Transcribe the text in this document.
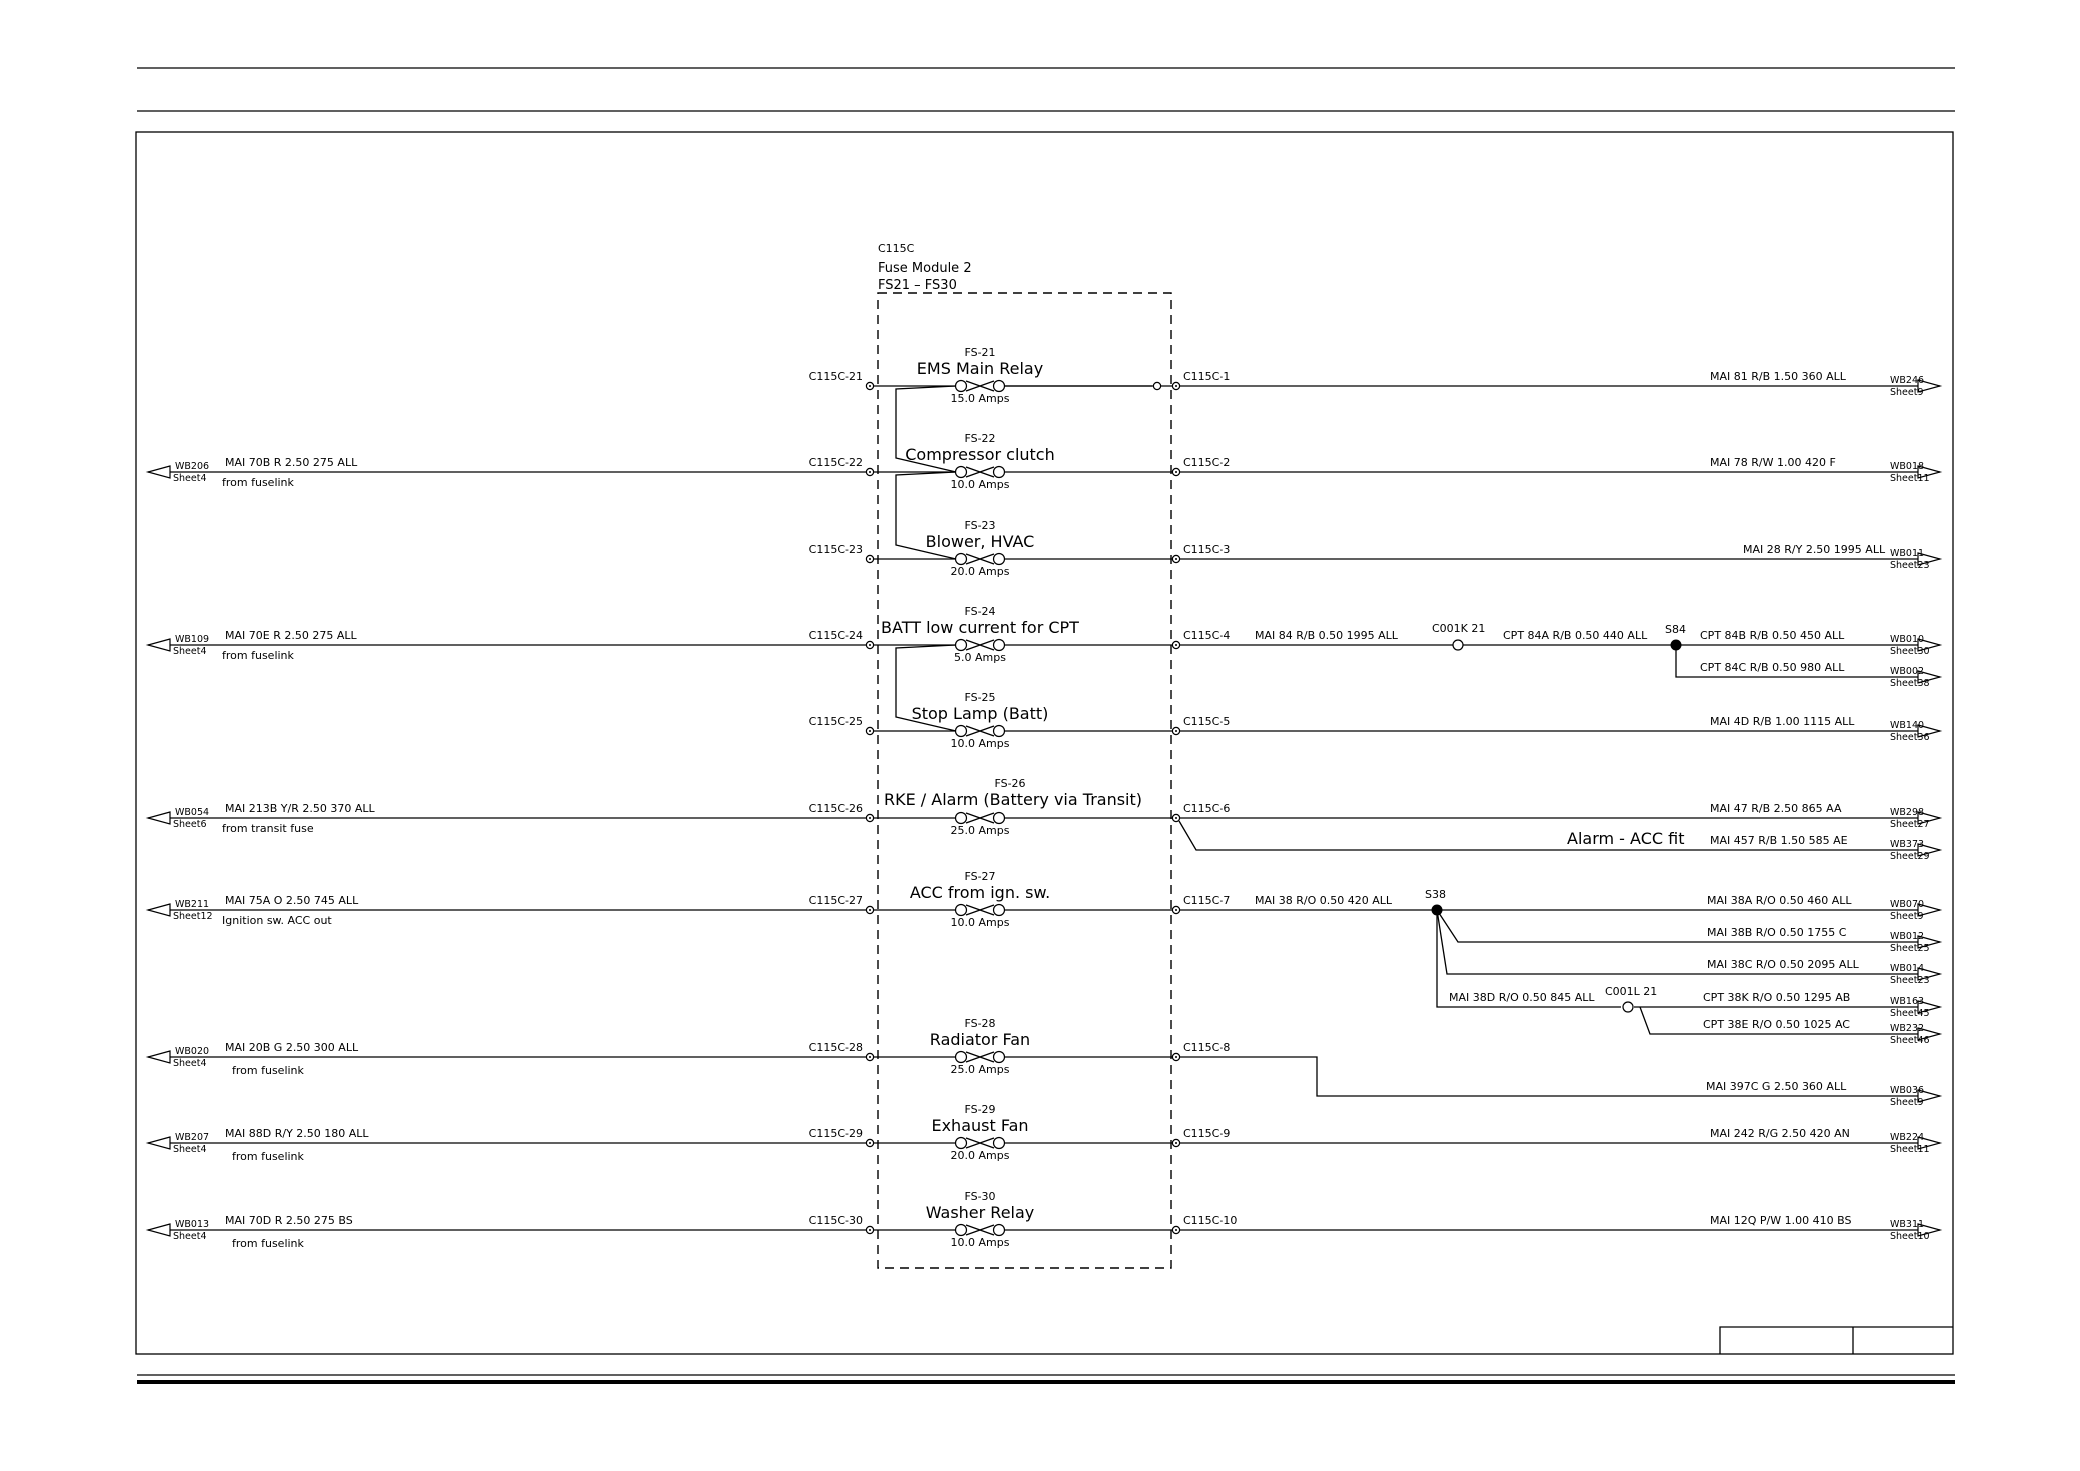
C115C
Fuse Module 2
FS21 – FS30
FS-21
EMS Main Relay
15.0 Amps
C115C-21	C115C-1
FS-22
Compressor clutch
10.0 Amps
C115C-22	C115C-2
WB206
Sheet4
MAI 70B R 2.50 275 ALL
from fuselink
FS-23
Blower, HVAC
20.0 Amps
C115C-23	C115C-3
FS-24
BATT low current for CPT
5.0 Amps
C115C-24	C115C-4
WB109
Sheet4
MAI 70E R 2.50 275 ALL
from fuselink
FS-25
Stop Lamp (Batt)
10.0 Amps
C115C-25	C115C-5
FS-26
RKE / Alarm (Battery via Transit)
25.0 Amps
C115C-26	C115C-6
WB054
Sheet6
MAI 213B Y/R 2.50 370 ALL
from transit fuse
FS-27
ACC from ign. sw.
10.0 Amps
C115C-27	C115C-7
WB211
Sheet12
MAI 75A O 2.50 745 ALL
Ignition sw. ACC out
FS-28
Radiator Fan
25.0 Amps
C115C-28	C115C-8
WB020
Sheet4
MAI 20B G 2.50 300 ALL
from fuselink
FS-29
Exhaust Fan
20.0 Amps
C115C-29	C115C-9
WB207
Sheet4
MAI 88D R/Y 2.50 180 ALL
from fuselink
FS-30
Washer Relay
10.0 Amps
C115C-30	C115C-10
WB013
Sheet4
MAI 70D R 2.50 275 BS
from fuselink
MAI 81 R/B 1.50 360 ALL	WB246
Sheet9
MAI 78 R/W 1.00 420 F	WB018
Sheet11
MAI 28 R/Y 2.50 1995 ALL WB011
Sheet23
MAI 4D R/B 1.00 1115 ALL	WB140
Sheet36
MAI 242 R/G 2.50 420 AN	WB224
Sheet11
MAI 12Q P/W 1.00 410 BS	WB311
Sheet10
MAI 84 R/B 0.50 1995 ALL
C001K 21
CPT 84A R/B 0.50 440 ALL S84 CPT 84B R/B 0.50 450 ALL	WB010
Sheet30
CPT 84C R/B 0.50 980 ALL	WB002
Sheet38
MAI 47 R/B 2.50 865 AA	WB298
Sheet27
Alarm - ACC fit MAI 457 R/B 1.50 585 AE	WB373
Sheet29
MAI 38 R/O 0.50 420 ALL	S38	MAI 38A R/O 0.50 460 ALL	WB070
Sheet9
MAI 38B R/O 0.50 1755 C	WB012
Sheet25
MAI 38C R/O 0.50 2095 ALL	WB014
Sheet23
MAI 38D R/O 0.50 845 ALL C001L 21	CPT 38K R/O 0.50 1295 AB	WB163
Sheet45
CPT 38E R/O 0.50 1025 AC	WB232
Sheet46
MAI 397C G 2.50 360 ALL	WB036
Sheet9
